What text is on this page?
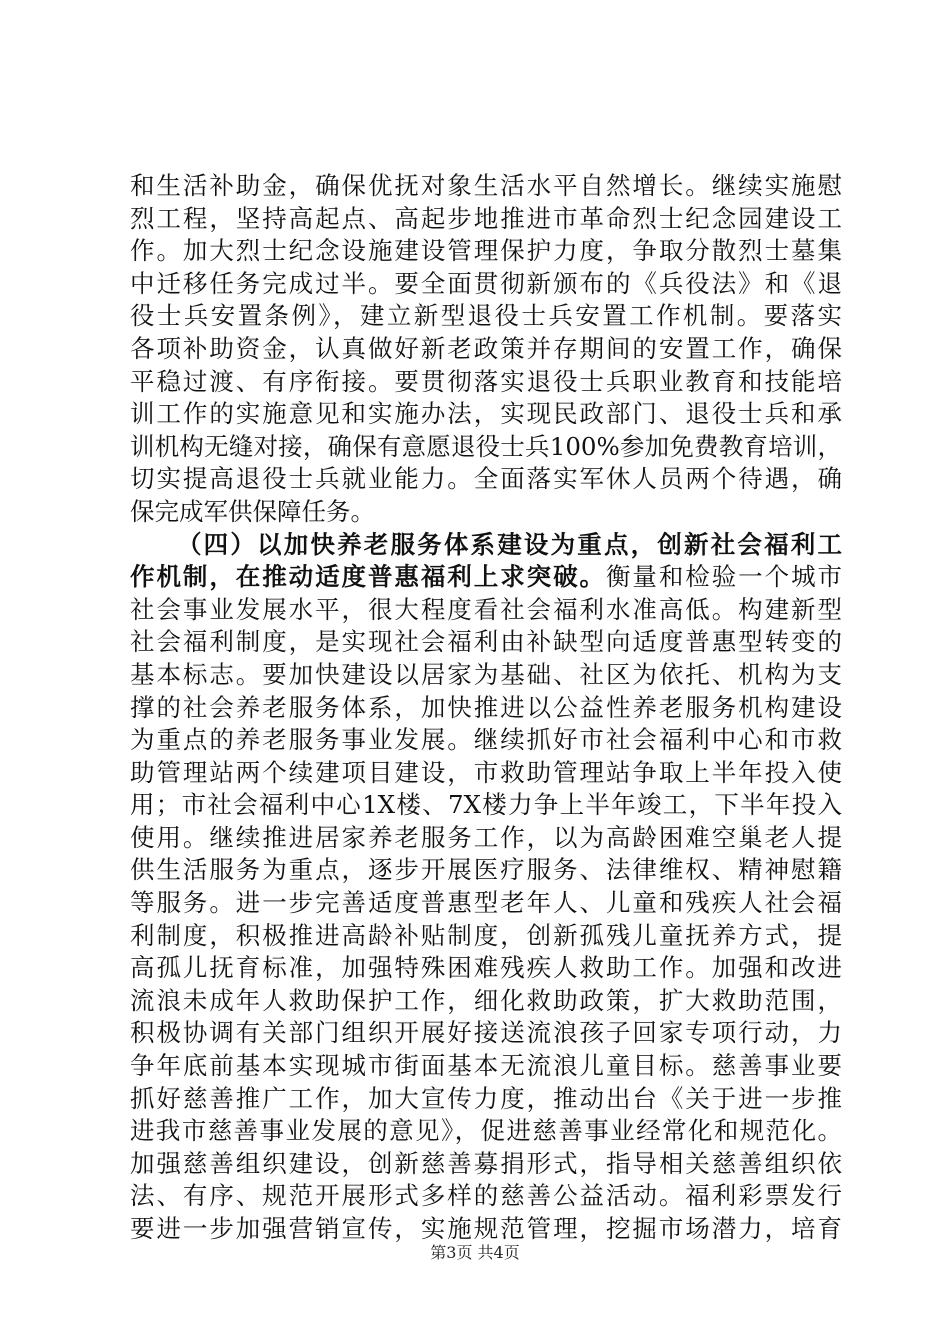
和生活补助金，确保优抚对象生活水平自然增长。继续实施慰
烈工程，坚持高起点、高起步地推进市革命烈士纪念园建设工
作。加大烈士纪念设施建设管理保护力度，争取分散烈士墓集
中迁移任务完成过半。要全面贯彻新颁布的《兵役法》和《退
役士兵安置条例》，建立新型退役士兵安置工作机制。要落实
各项补助资金，认真做好新老政策并存期间的安置工作，确保
平稳过渡、有序衔接。要贯彻落实退役士兵职业教育和技能培
训工作的实施意见和实施办法，实现民政部门、退役士兵和承
训机构无缝对接，确保有意愿退役士兵100%参加免费教育培训，
切实提高退役士兵就业能力。全面落实军休人员两个待遇，确
保完成军供保障任务。
（四）以加快养老服务体系建设为重点，创新社会福利工
作机制，在推动适度普惠福利上求突破。衡量和检验一个城市
社会事业发展水平，很大程度看社会福利水准高低。构建新型
社会福利制度，是实现社会福利由补缺型向适度普惠型转变的
基本标志。要加快建设以居家为基础、社区为依托、机构为支
撑的社会养老服务体系，加快推进以公益性养老服务机构建设
为重点的养老服务事业发展。继续抓好市社会福利中心和市救
助管理站两个续建项目建设，市救助管理站争取上半年投入使
用；市社会福利中心1X楼、7X楼力争上半年竣工，下半年投入
使用。继续推进居家养老服务工作，以为高龄困难空巢老人提
供生活服务为重点，逐步开展医疗服务、法律维权、精神慰籍
等服务。进一步完善适度普惠型老年人、儿童和残疾人社会福
利制度，积极推进高龄补贴制度，创新孤残儿童抚养方式，提
高孤儿抚育标准，加强特殊困难残疾人救助工作。加强和改进
流浪未成年人救助保护工作，细化救助政策，扩大救助范围，
积极协调有关部门组织开展好接送流浪孩子回家专项行动，力
争年底前基本实现城市街面基本无流浪儿童目标。慈善事业要
抓好慈善推广工作，加大宣传力度，推动出台《关于进一步推
进我市慈善事业发展的意见》，促进慈善事业经常化和规范化。
加强慈善组织建设，创新慈善募捐形式，指导相关慈善组织依
法、有序、规范开展形式多样的慈善公益活动。福利彩票发行
要进一步加强营销宣传，实施规范管理，挖掘市场潜力，培育
第3页 共4页
